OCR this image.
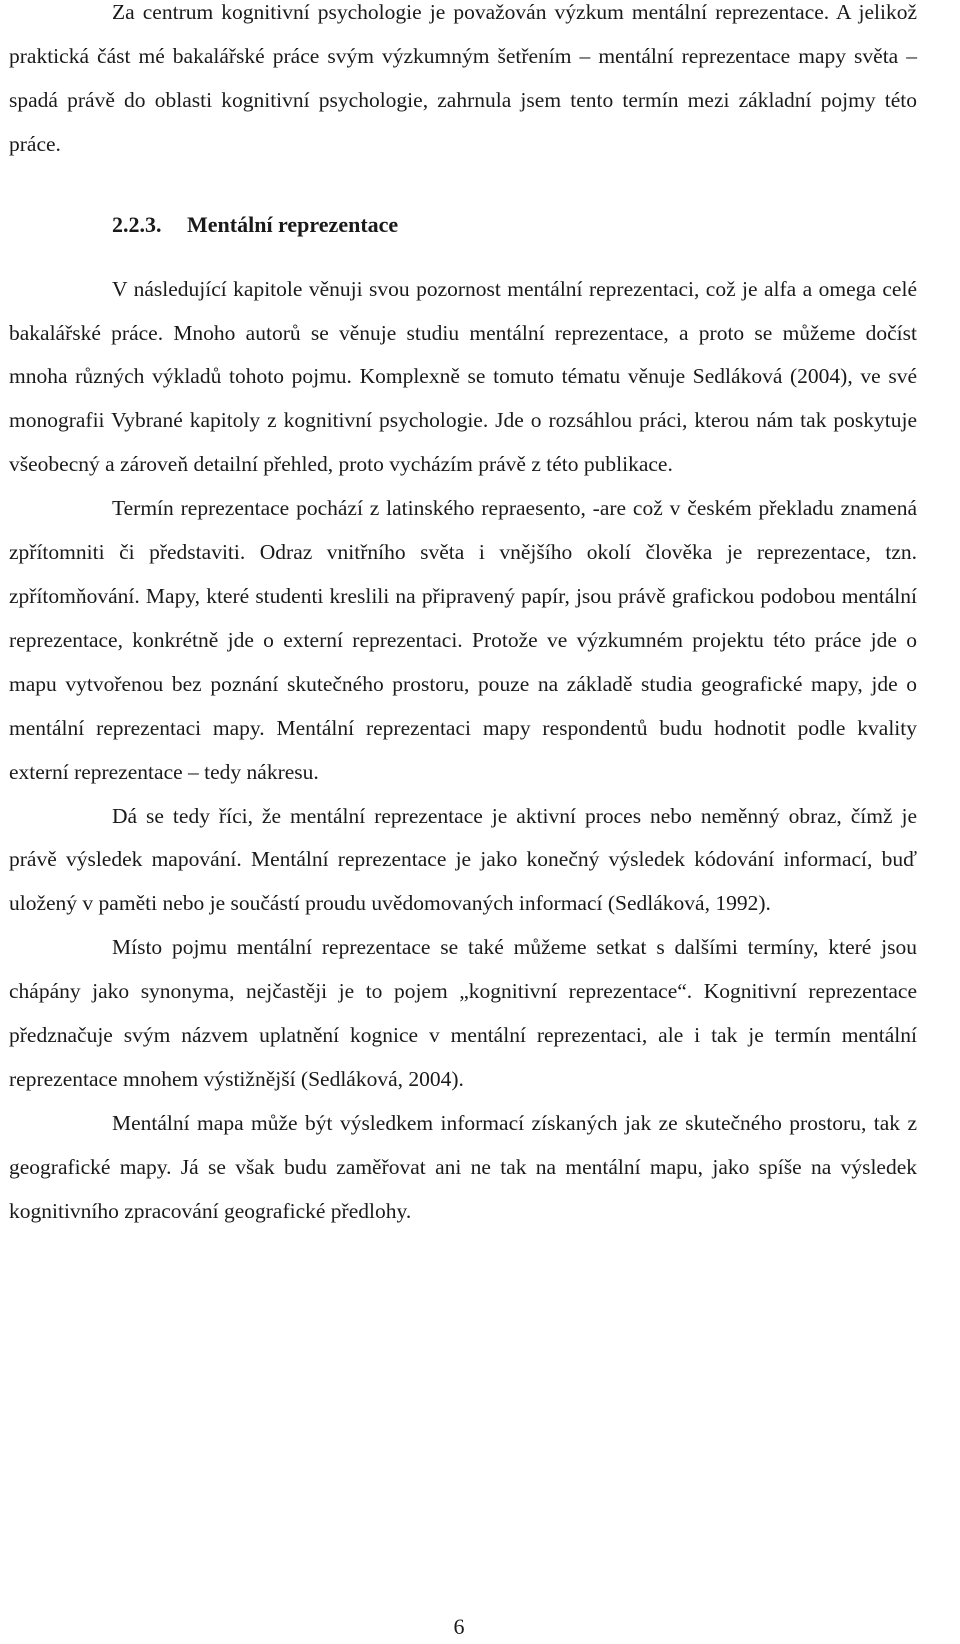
Za centrum kognitivní psychologie je považován výzkum mentální reprezentace. A jelikož praktická část mé bakalářské práce svým výzkumným šetřením – mentální reprezentace mapy světa – spadá právě do oblasti kognitivní psychologie, zahrnula jsem tento termín mezi základní pojmy této práce.

2.2.3. Mentální reprezentace

V následující kapitole věnuji svou pozornost mentální reprezentaci, což je alfa a omega celé bakalářské práce. Mnoho autorů se věnuje studiu mentální reprezentace, a proto se můžeme dočíst mnoha různých výkladů tohoto pojmu. Komplexně se tomuto tématu věnuje Sedláková (2004), ve své monografii Vybrané kapitoly z kognitivní psychologie. Jde o rozsáhlou práci, kterou nám tak poskytuje všeobecný a zároveň detailní přehled, proto vycházím právě z této publikace.

Termín reprezentace pochází z latinského repraesento, -are což v českém překladu znamená zpřítomniti či představiti. Odraz vnitřního světa i vnějšího okolí člověka je reprezentace, tzn. zpřítomňování. Mapy, které studenti kreslili na připravený papír, jsou právě grafickou podobou mentální reprezentace, konkrétně jde o externí reprezentaci. Protože ve výzkumném projektu této práce jde o mapu vytvořenou bez poznání skutečného prostoru, pouze na základě studia geografické mapy, jde o mentální reprezentaci mapy. Mentální reprezentaci mapy respondentů budu hodnotit podle kvality externí reprezentace – tedy nákresu.

Dá se tedy říci, že mentální reprezentace je aktivní proces nebo neměnný obraz, čímž je právě výsledek mapování. Mentální reprezentace je jako konečný výsledek kódování informací, buď uložený v paměti nebo je součástí proudu uvědomovaných informací (Sedláková, 1992).

Místo pojmu mentální reprezentace se také můžeme setkat s dalšími termíny, které jsou chápány jako synonyma, nejčastěji je to pojem „kognitivní reprezentace“. Kognitivní reprezentace předznačuje svým názvem uplatnění kognice v mentální reprezentaci, ale i tak je termín mentální reprezentace mnohem výstižnější (Sedláková, 2004).

Mentální mapa může být výsledkem informací získaných jak ze skutečného prostoru, tak z geografické mapy. Já se však budu zaměřovat ani ne tak na mentální mapu, jako spíše na výsledek kognitivního zpracování geografické předlohy.

6
